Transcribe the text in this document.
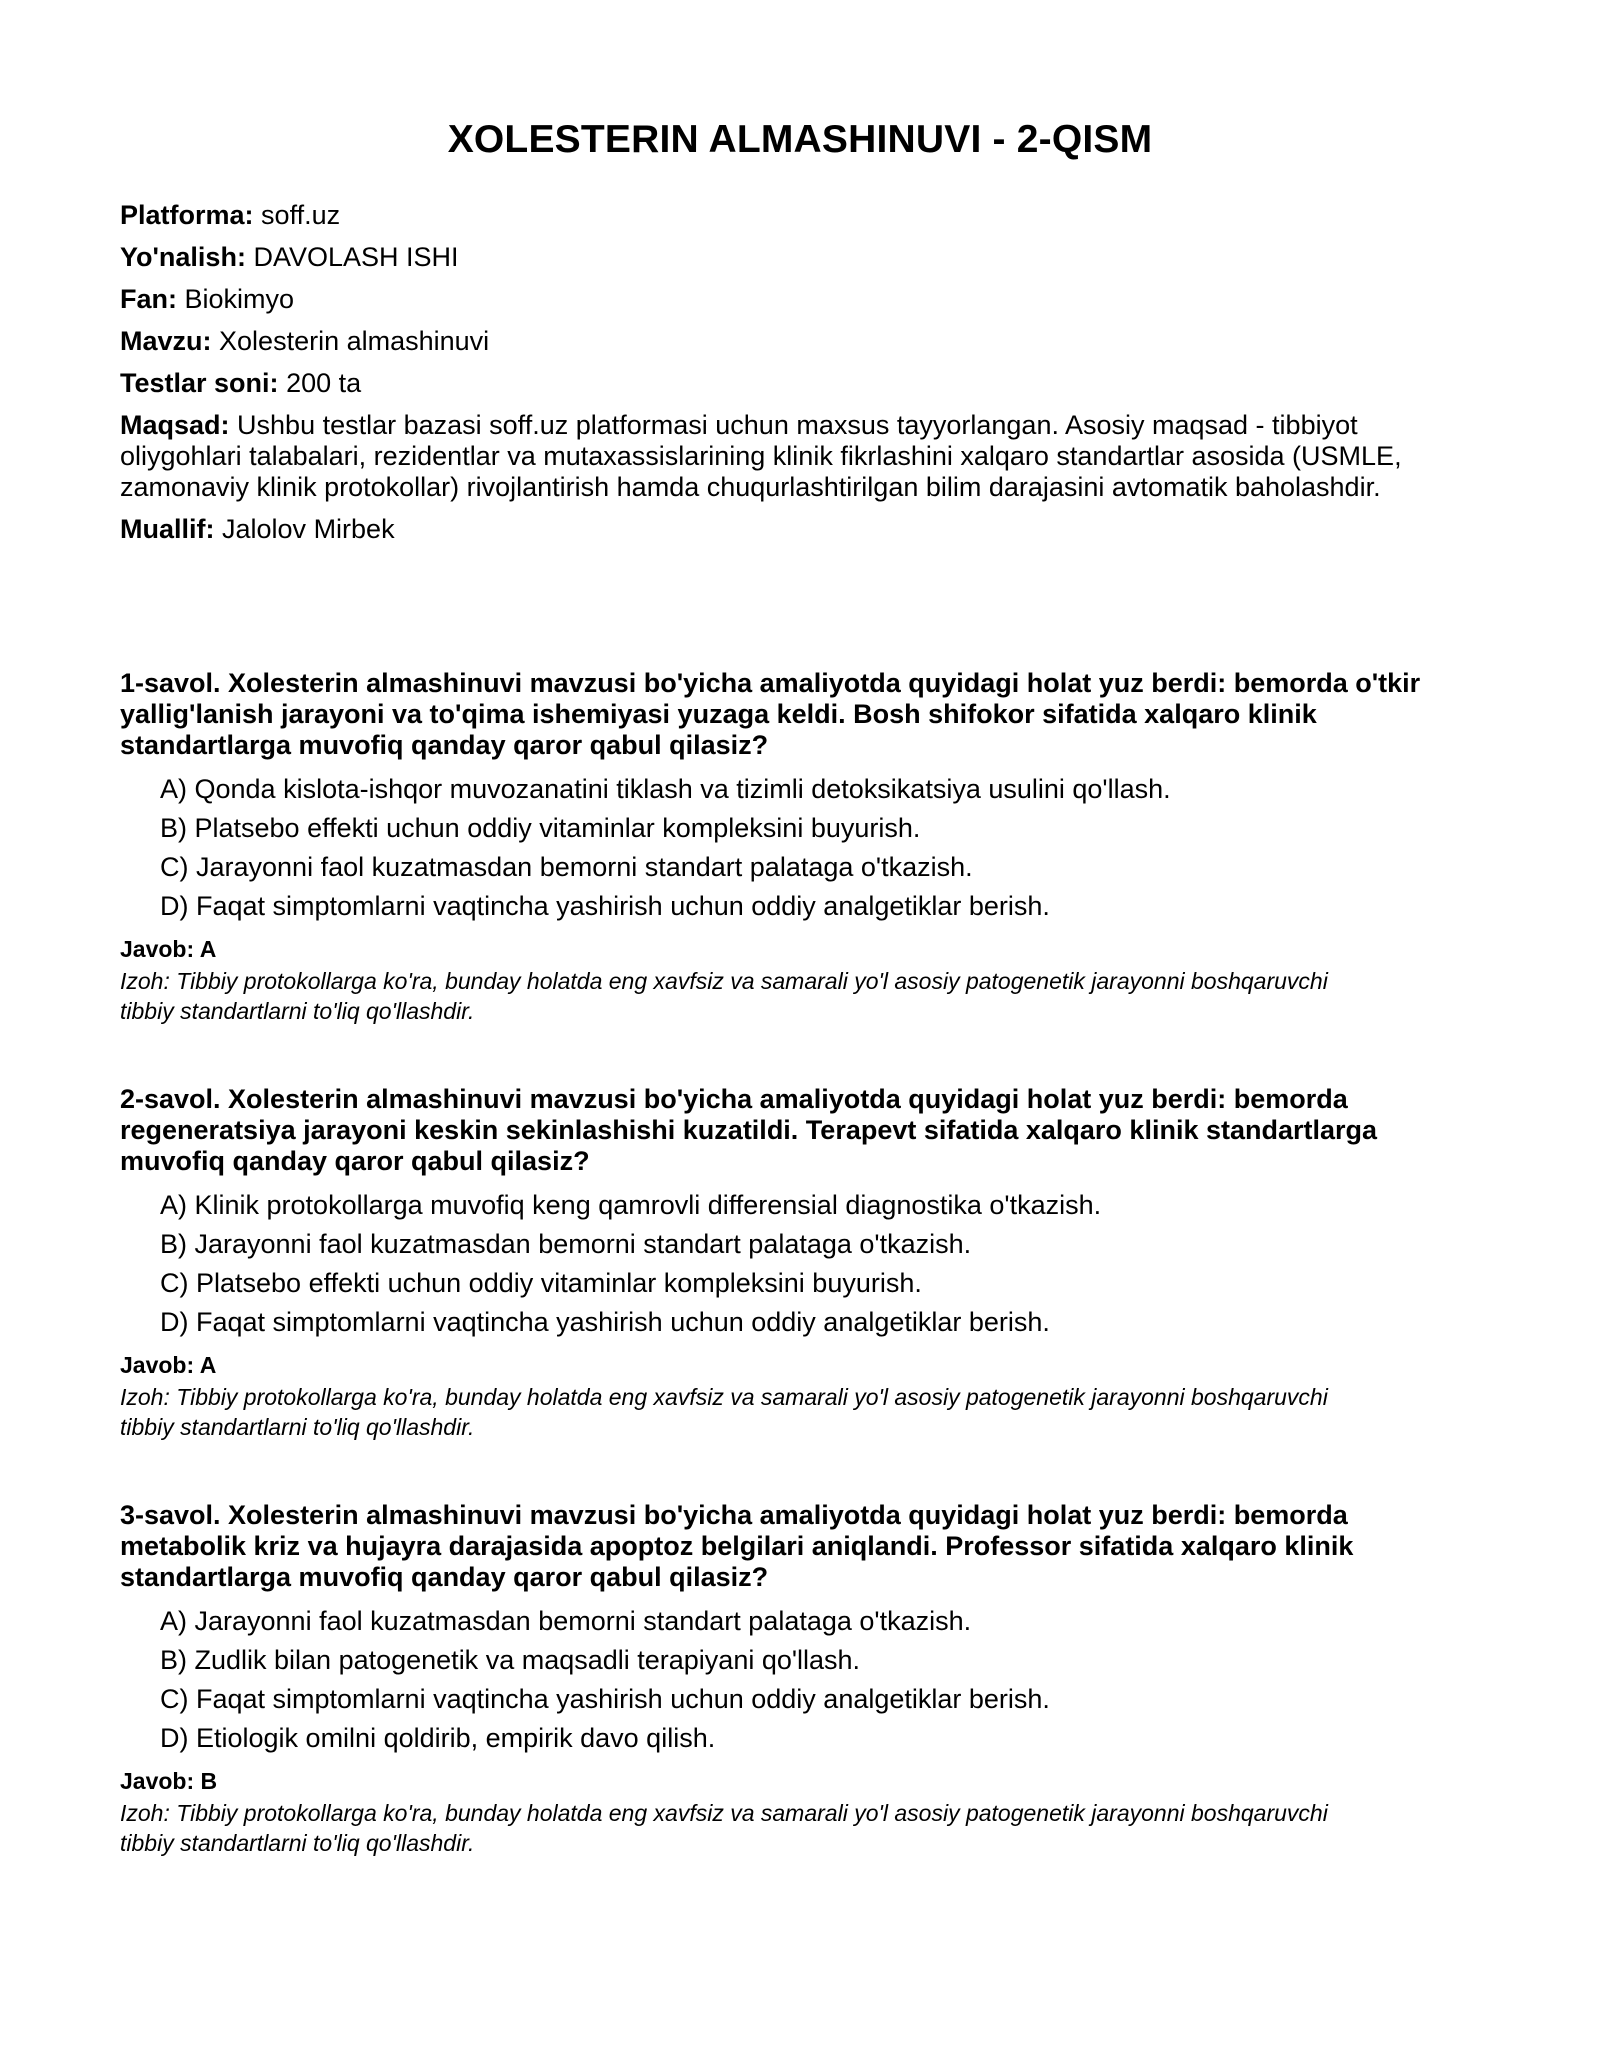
XOLESTERIN ALMASHINUVI - 2-QISM

Platforma: soff.uz

Yo'nalish: DAVOLASH ISHI

Fan: Biokimyo

Mavzu: Xolesterin almashinuvi

Testlar soni: 200 ta

Maqsad: Ushbu testlar bazasi soff.uz platformasi uchun maxsus tayyorlangan. Asosiy maqsad - tibbiyot oliygohlari talabalari, rezidentlar va mutaxassislarining klinik fikrlashini xalqaro standartlar asosida (USMLE, zamonaviy klinik protokollar) rivojlantirish hamda chuqurlashtirilgan bilim darajasini avtomatik baholashdir.

Muallif: Jalolov Mirbek

1-savol. Xolesterin almashinuvi mavzusi bo'yicha amaliyotda quyidagi holat yuz berdi: bemorda o'tkir yallig'lanish jarayoni va to'qima ishemiyasi yuzaga keldi. Bosh shifokor sifatida xalqaro klinik standartlarga muvofiq qanday qaror qabul qilasiz?

A) Qonda kislota-ishqor muvozanatini tiklash va tizimli detoksikatsiya usulini qo'llash.

B) Platsebo effekti uchun oddiy vitaminlar kompleksini buyurish.

C) Jarayonni faol kuzatmasdan bemorni standart palataga o'tkazish.

D) Faqat simptomlarni vaqtincha yashirish uchun oddiy analgetiklar berish.

Javob: A

Izoh: Tibbiy protokollarga ko'ra, bunday holatda eng xavfsiz va samarali yo'l asosiy patogenetik jarayonni boshqaruvchi tibbiy standartlarni to'liq qo'llashdir.

2-savol. Xolesterin almashinuvi mavzusi bo'yicha amaliyotda quyidagi holat yuz berdi: bemorda regeneratsiya jarayoni keskin sekinlashishi kuzatildi. Terapevt sifatida xalqaro klinik standartlarga muvofiq qanday qaror qabul qilasiz?

A) Klinik protokollarga muvofiq keng qamrovli differensial diagnostika o'tkazish.

B) Jarayonni faol kuzatmasdan bemorni standart palataga o'tkazish.

C) Platsebo effekti uchun oddiy vitaminlar kompleksini buyurish.

D) Faqat simptomlarni vaqtincha yashirish uchun oddiy analgetiklar berish.

Javob: A

Izoh: Tibbiy protokollarga ko'ra, bunday holatda eng xavfsiz va samarali yo'l asosiy patogenetik jarayonni boshqaruvchi tibbiy standartlarni to'liq qo'llashdir.

3-savol. Xolesterin almashinuvi mavzusi bo'yicha amaliyotda quyidagi holat yuz berdi: bemorda metabolik kriz va hujayra darajasida apoptoz belgilari aniqlandi. Professor sifatida xalqaro klinik standartlarga muvofiq qanday qaror qabul qilasiz?

A) Jarayonni faol kuzatmasdan bemorni standart palataga o'tkazish.

B) Zudlik bilan patogenetik va maqsadli terapiyani qo'llash.

C) Faqat simptomlarni vaqtincha yashirish uchun oddiy analgetiklar berish.

D) Etiologik omilni qoldirib, empirik davo qilish.

Javob: B

Izoh: Tibbiy protokollarga ko'ra, bunday holatda eng xavfsiz va samarali yo'l asosiy patogenetik jarayonni boshqaruvchi tibbiy standartlarni to'liq qo'llashdir.
